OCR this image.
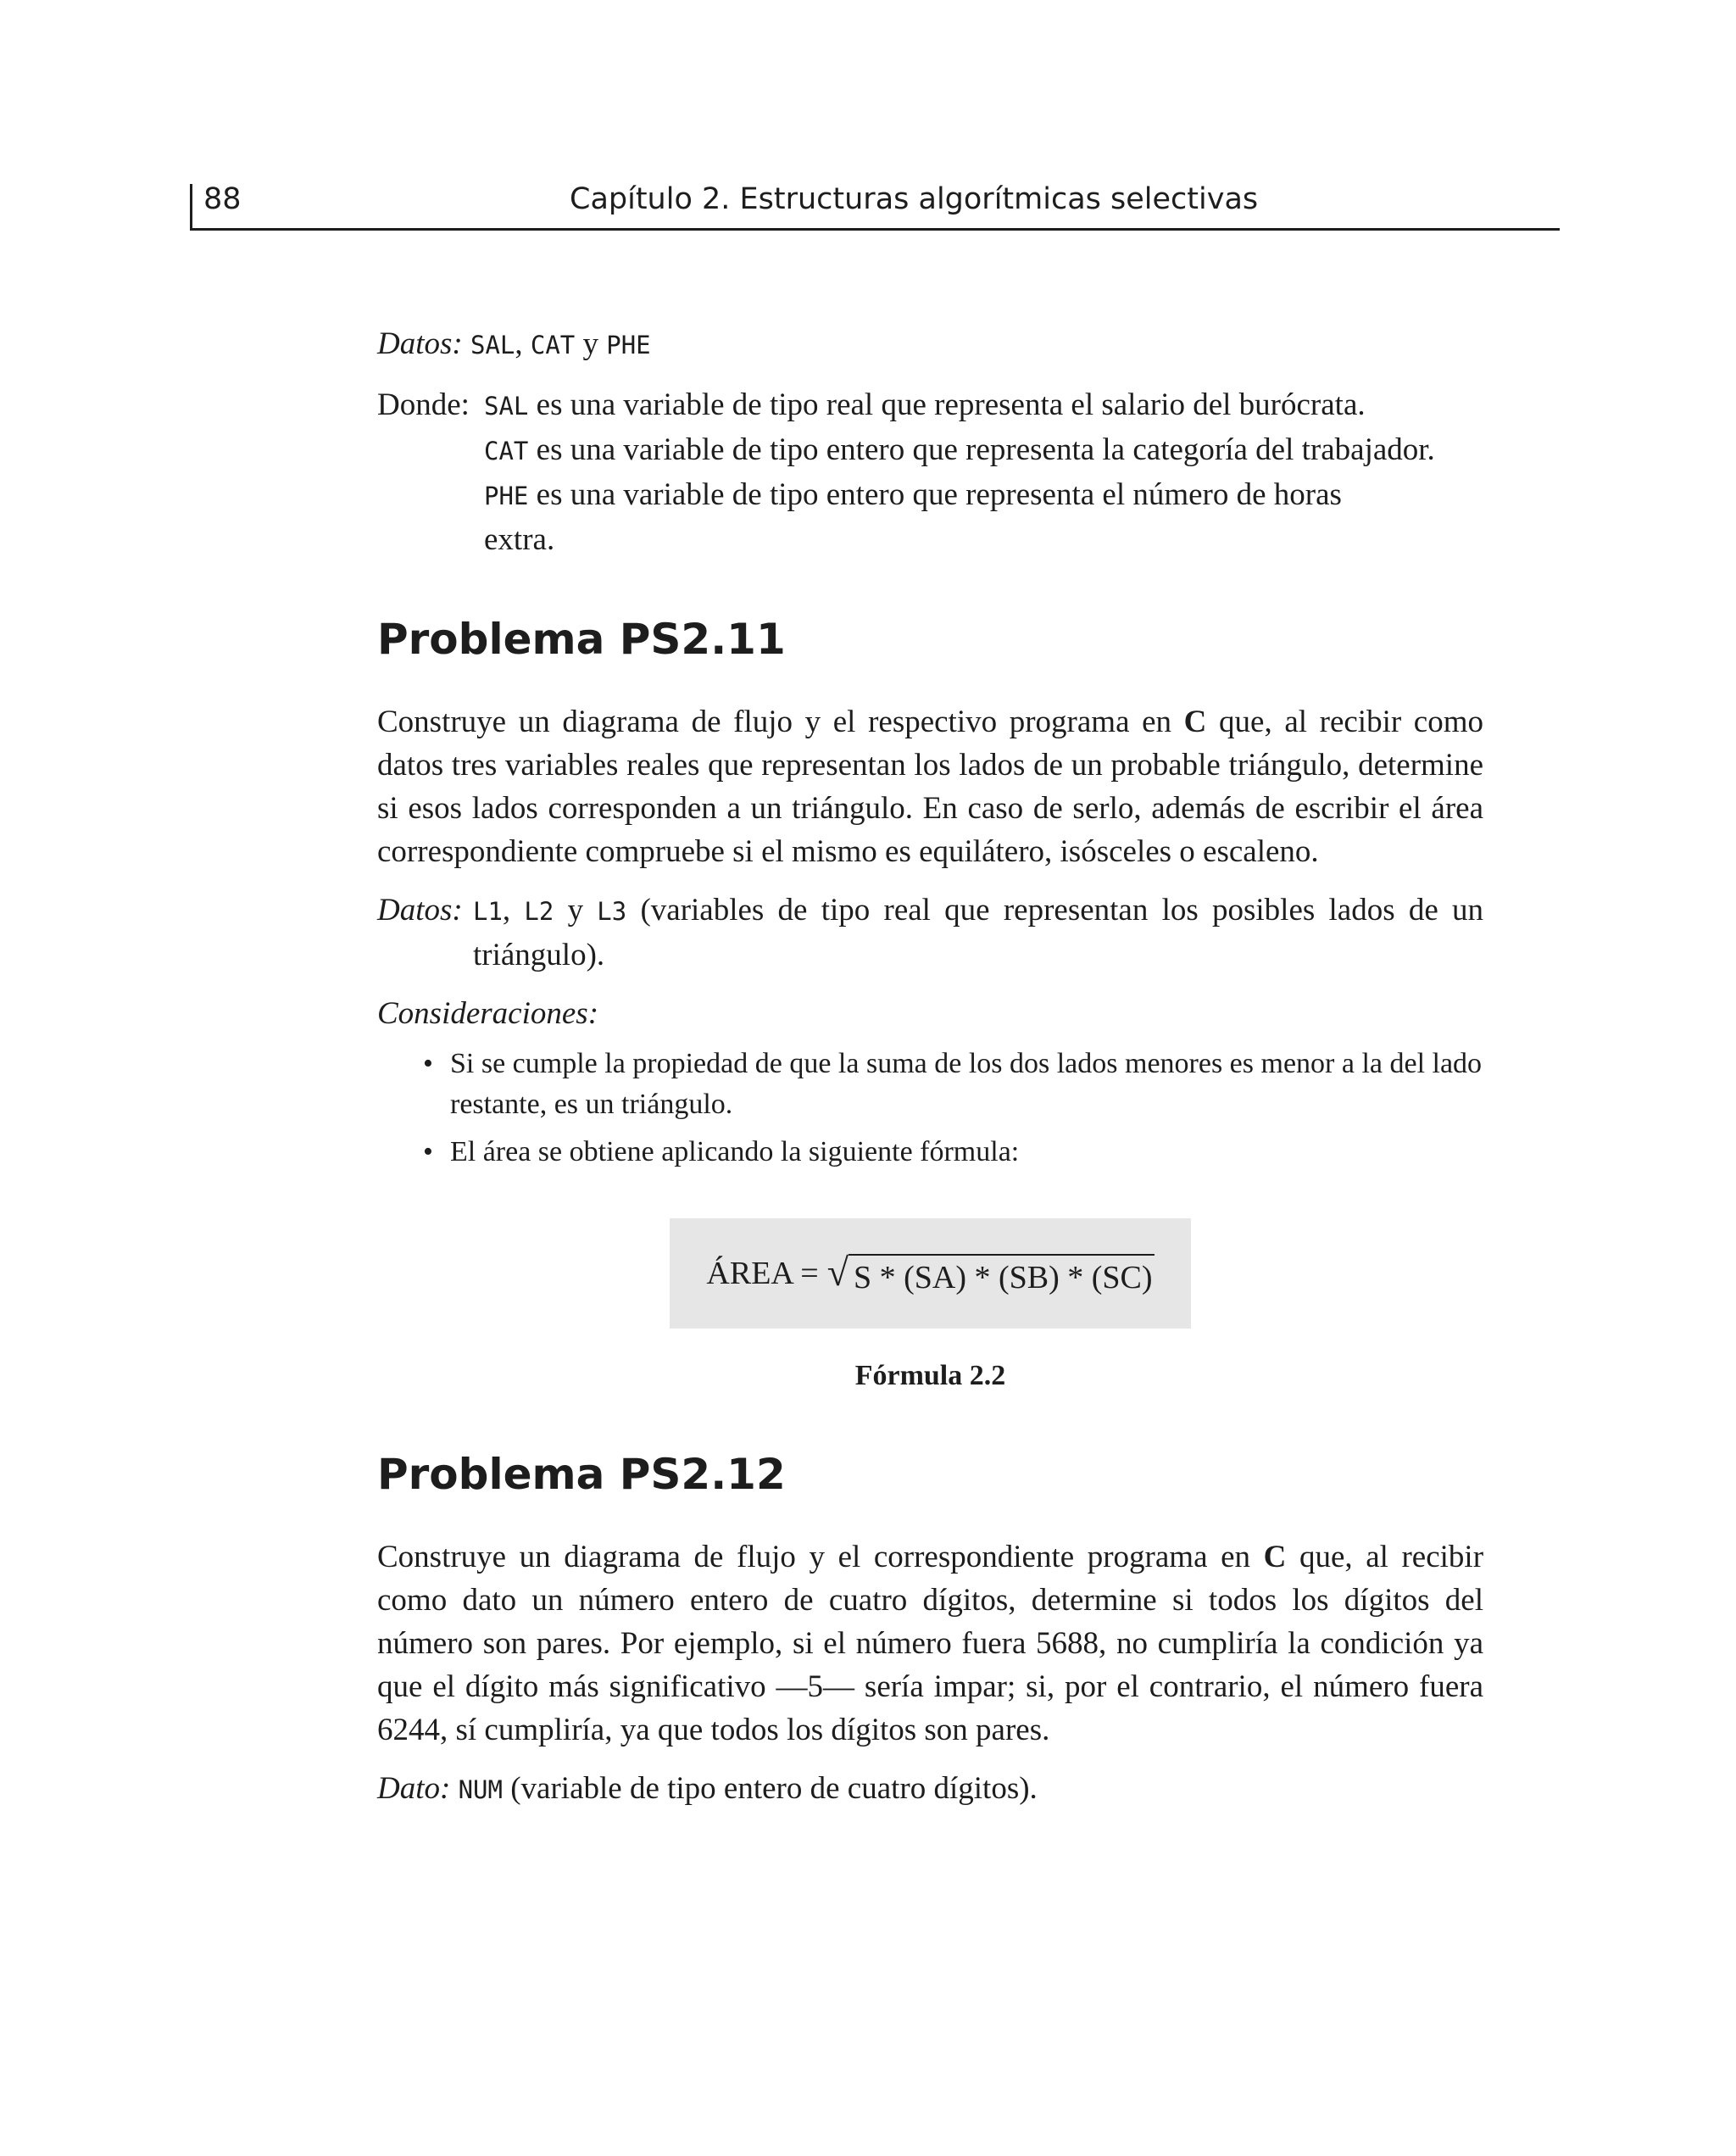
88	Capítulo 2. Estructuras algorítmicas selectivas

Datos: SAL, CAT y PHE

Donde: SAL es una variable de tipo real que representa el salario del burócrata.

CAT es una variable de tipo entero que representa la categoría del trabajador.

PHE es una variable de tipo entero que representa el número de horas extra.

Problema PS2.11

Construye un diagrama de flujo y el respectivo programa en C que, al recibir como datos tres variables reales que representan los lados de un probable triángulo, determine si esos lados corresponden a un triángulo. En caso de serlo, además de escribir el área correspondiente compruebe si el mismo es equilátero, isósceles o escaleno.

Datos: L1, L2 y L3 (variables de tipo real que representan los posibles lados de un triángulo).

Consideraciones:

• Si se cumple la propiedad de que la suma de los dos lados menores es menor a la del lado restante, es un triángulo.
• El área se obtiene aplicando la siguiente fórmula:
ÁREA = √ S * (SA) * (SB) * (SC)

Fórmula 2.2

Problema PS2.12

Construye un diagrama de flujo y el correspondiente programa en C que, al recibir como dato un número entero de cuatro dígitos, determine si todos los dígitos del número son pares. Por ejemplo, si el número fuera 5688, no cumpliría la condición ya que el dígito más significativo —5— sería impar; si, por el contrario, el número fuera 6244, sí cumpliría, ya que todos los dígitos son pares.

Dato: NUM (variable de tipo entero de cuatro dígitos).
